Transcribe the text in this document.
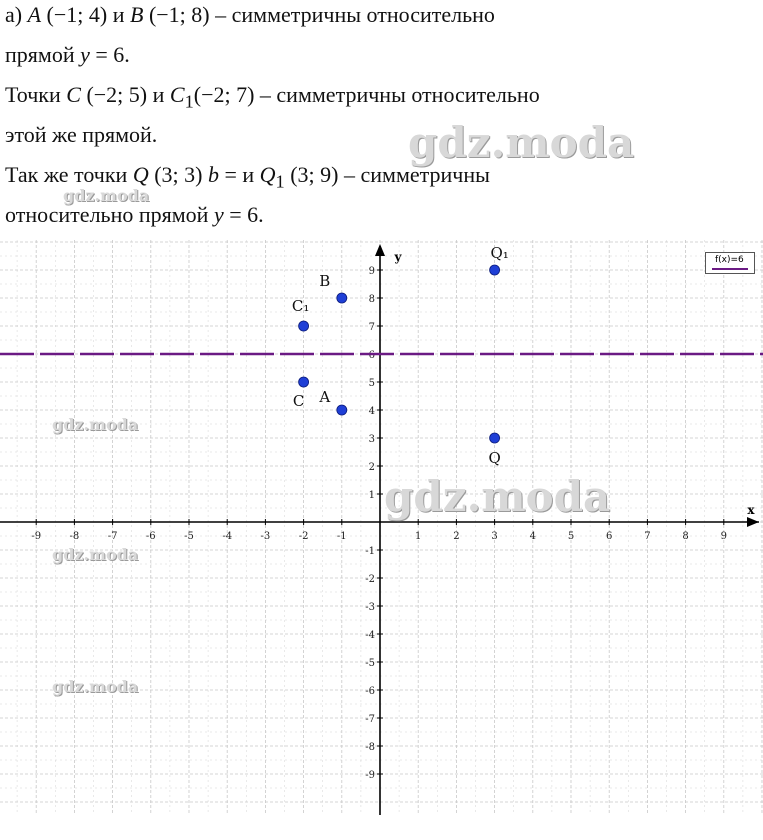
а) A (−1; 4) и B (−1; 8) – симметричны относительно
прямой y = 6.
Точки C (−2; 5) и $C_1(-2$; 7) – симметричны относительно
этой же прямой.
Так же точки Q (3; 3) b = и $Q_1$ (3; 9) – симметричны
относительно прямой y = 6.
x
y
-9	-8	-7	-6	-5	-4	-3	-2	-1	1	2	3	4	5	6	7	8	9
-9
-8
-7
-6
-5
-4
-3
-2
-1
1
2
3
4
5
6
7
8
9
A
B
C
C₁
Q
Q₁	f(x)=6
gdz.moda
gdz.moda
gdz.moda
gdz.moda
gdz.moda
gdz.moda
